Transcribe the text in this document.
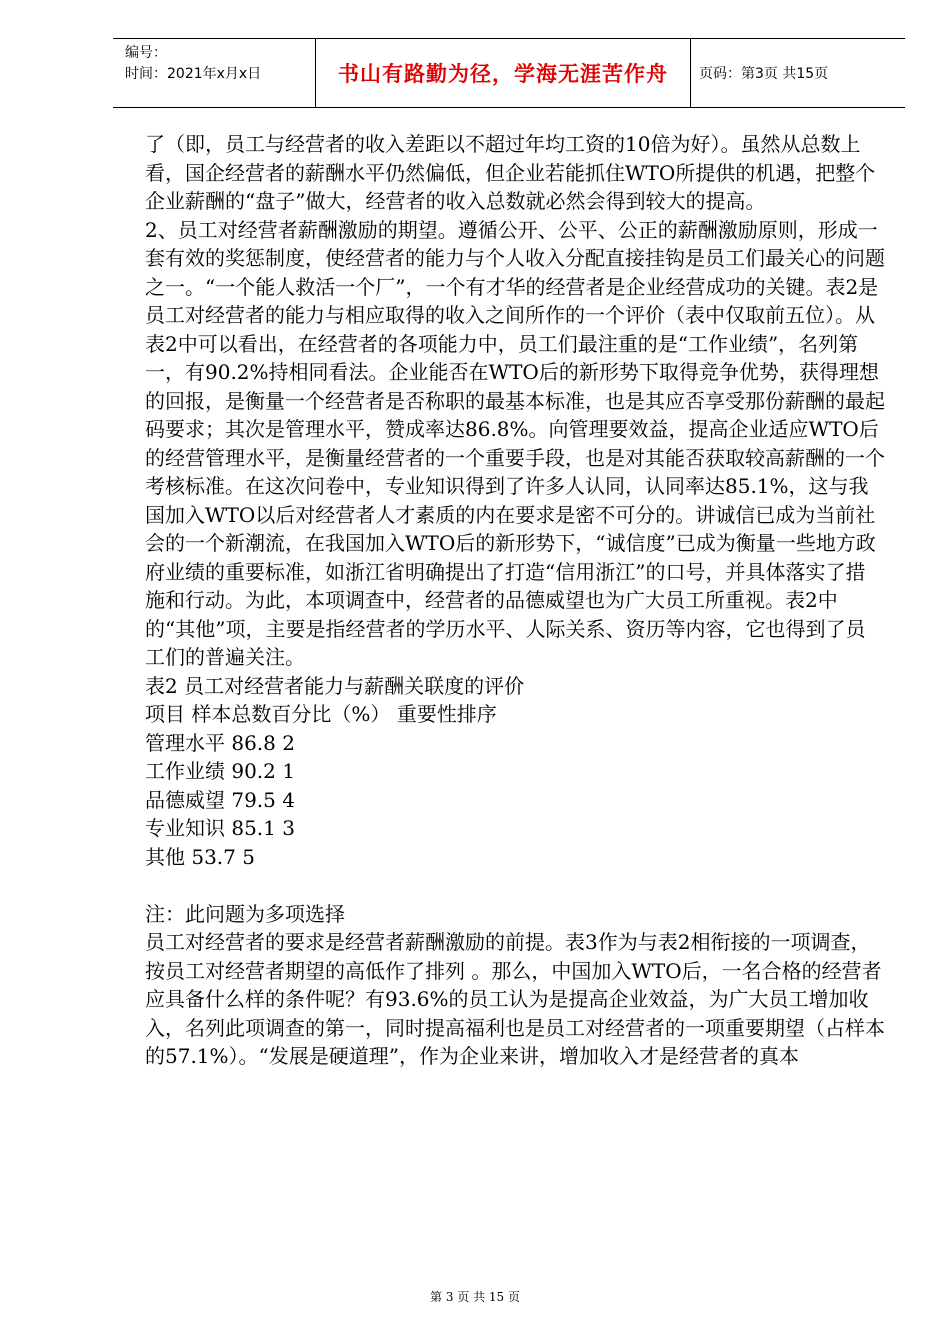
编号：
时间：2021年x月x日	书山有路勤为径，学海无涯苦作舟	页码：第3页 共15页

了（即，员工与经营者的收入差距以不超过年均工资的10倍为好）。虽然从总数上看，国企经营者的薪酬水平仍然偏低，但企业若能抓住WTO所提供的机遇，把整个企业薪酬的“盘子”做大，经营者的收入总数就必然会得到较大的提高。

2、员工对经营者薪酬激励的期望。遵循公开、公平、公正的薪酬激励原则，形成一套有效的奖惩制度，使经营者的能力与个人收入分配直接挂钩是员工们最关心的问题之一。“一个能人救活一个厂”，一个有才华的经营者是企业经营成功的关键。表2是员工对经营者的能力与相应取得的收入之间所作的一个评价（表中仅取前五位）。从表2中可以看出，在经营者的各项能力中，员工们最注重的是“工作业绩”，名列第一，有90.2%持相同看法。企业能否在WTO后的新形势下取得竞争优势，获得理想的回报，是衡量一个经营者是否称职的最基本标准，也是其应否享受那份薪酬的最起码要求；其次是管理水平，赞成率达86.8%。向管理要效益，提高企业适应WTO后的经营管理水平，是衡量经营者的一个重要手段，也是对其能否获取较高薪酬的一个考核标准。在这次问卷中，专业知识得到了许多人认同，认同率达85.1%，这与我国加入WTO以后对经营者人才素质的内在要求是密不可分的。讲诚信已成为当前社会的一个新潮流，在我国加入WTO后的新形势下，“诚信度”已成为衡量一些地方政府业绩的重要标准，如浙江省明确提出了打造“信用浙江”的口号，并具体落实了措施和行动。为此，本项调查中，经营者的品德威望也为广大员工所重视。表2中的“其他”项，主要是指经营者的学历水平、人际关系、资历等内容，它也得到了员工们的普遍关注。

表2 员工对经营者能力与薪酬关联度的评价

项目 样本总数百分比（%） 重要性排序

管理水平 86.8 2

工作业绩 90.2 1

品德威望 79.5 4

专业知识 85.1 3

其他 53.7 5

注：此问题为多项选择

员工对经营者的要求是经营者薪酬激励的前提。表3作为与表2相衔接的一项调查，按员工对经营者期望的高低作了排列 。那么，中国加入WTO后，一名合格的经营者应具备什么样的条件呢？有93.6%的员工认为是提高企业效益，为广大员工增加收入，名列此项调查的第一，同时提高福利也是员工对经营者的一项重要期望（占样本的57.1%）。“发展是硬道理”，作为企业来讲，增加收入才是经营者的真本

第 3 页 共 15 页
